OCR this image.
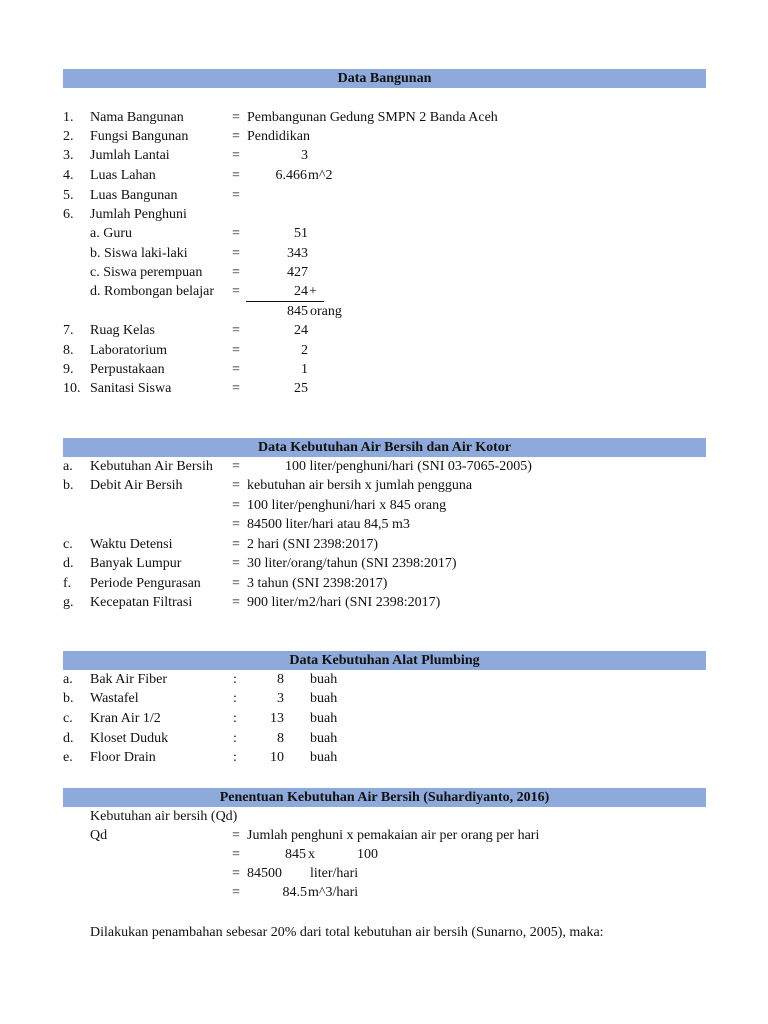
Data Bangunan
1. Nama Bangunan	= Pembangunan Gedung SMPN 2 Banda Aceh
2. Fungsi Bangunan	= Pendidikan
3. Jumlah Lantai	=	3
4. Luas Lahan	=	6.466 m^2
5. Luas Bangunan	=
6. Jumlah Penghuni
a. Guru	=	51
b. Siswa laki-laki	=	343
c. Siswa perempuan =	427
d. Rombongan belajar =	24 +
845 orang
7. Ruag Kelas	=	24
8. Laboratorium	=	2
9. Perpustakaan	=	1
10. Sanitasi Siswa	=	25
Data Kebutuhan Air Bersih dan Air Kotor
a. Kebutuhan Air Bersih =	100 liter/penghuni/hari (SNI 03-7065-2005)
b. Debit Air Bersih	= kebutuhan air bersih x jumlah pengguna
= 100 liter/penghuni/hari x 845 orang
= 84500 liter/hari atau 84,5 m3
c. Waktu Detensi	= 2 hari (SNI 2398:2017)
d. Banyak Lumpur	= 30 liter/orang/tahun (SNI 2398:2017)
f. Periode Pengurasan = 3 tahun (SNI 2398:2017)
g. Kecepatan Filtrasi	= 900 liter/m2/hari (SNI 2398:2017)
Data Kebutuhan Alat Plumbing
a. Bak Air Fiber	:	8 buah
b. Wastafel	:	3 buah
c. Kran Air 1/2	:	13 buah
d. Kloset Duduk	:	8 buah
e. Floor Drain	:	10 buah
Penentuan Kebutuhan Air Bersih (Suhardiyanto, 2016)
Kebutuhan air bersih (Qd)
Qd	= Jumlah penghuni x pemakaian air per orang per hari
=	845 x	100
= 84500 liter/hari
=	84.5 m^3/hari
Dilakukan penambahan sebesar 20% dari total kebutuhan air bersih (Sunarno, 2005), maka:
